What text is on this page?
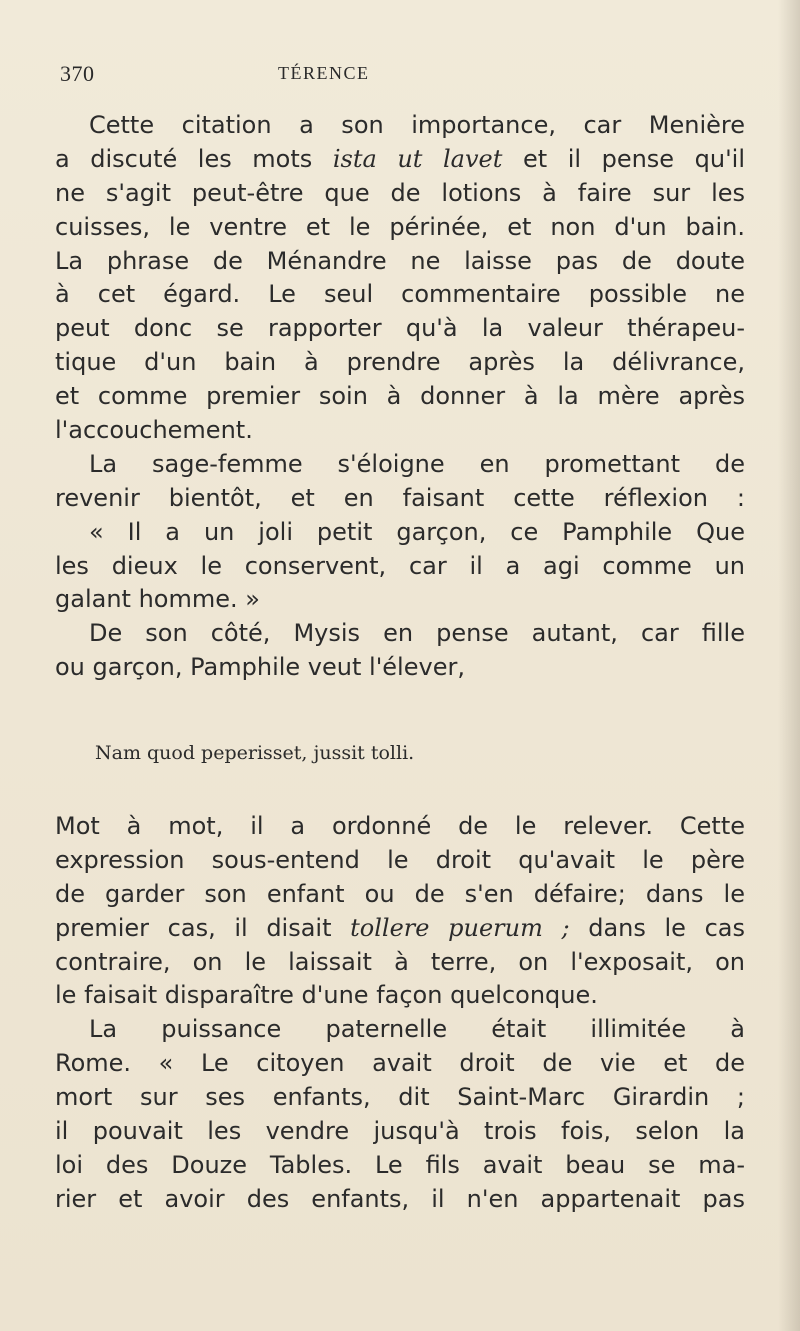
370	TÉRENCE
Cette citation a son importance, car Menière
a discuté les mots ista ut lavet et il pense qu'il
ne s'agit peut-être que de lotions à faire sur les
cuisses, le ventre et le périnée, et non d'un bain.
La phrase de Ménandre ne laisse pas de doute
à cet égard. Le seul commentaire possible ne
peut donc se rapporter qu'à la valeur thérapeu-
tique d'un bain à prendre après la délivrance,
et comme premier soin à donner à la mère après
l'accouchement.
La sage-femme s'éloigne en promettant de
revenir bientôt, et en faisant cette réflexion :
« Il a un joli petit garçon, ce Pamphile Que
les dieux le conservent, car il a agi comme un
galant homme. »
De son côté, Mysis en pense autant, car fille
ou garçon, Pamphile veut l'élever,
Nam quod peperisset, jussit tolli.
Mot à mot, il a ordonné de le relever. Cette
expression sous-entend le droit qu'avait le père
de garder son enfant ou de s'en défaire; dans le
premier cas, il disait tollere puerum ; dans le cas
contraire, on le laissait à terre, on l'exposait, on
le faisait disparaître d'une façon quelconque.
La puissance paternelle était illimitée à
Rome. « Le citoyen avait droit de vie et de
mort sur ses enfants, dit Saint-Marc Girardin ;
il pouvait les vendre jusqu'à trois fois, selon la
loi des Douze Tables. Le fils avait beau se ma-
rier et avoir des enfants, il n'en appartenait pas
